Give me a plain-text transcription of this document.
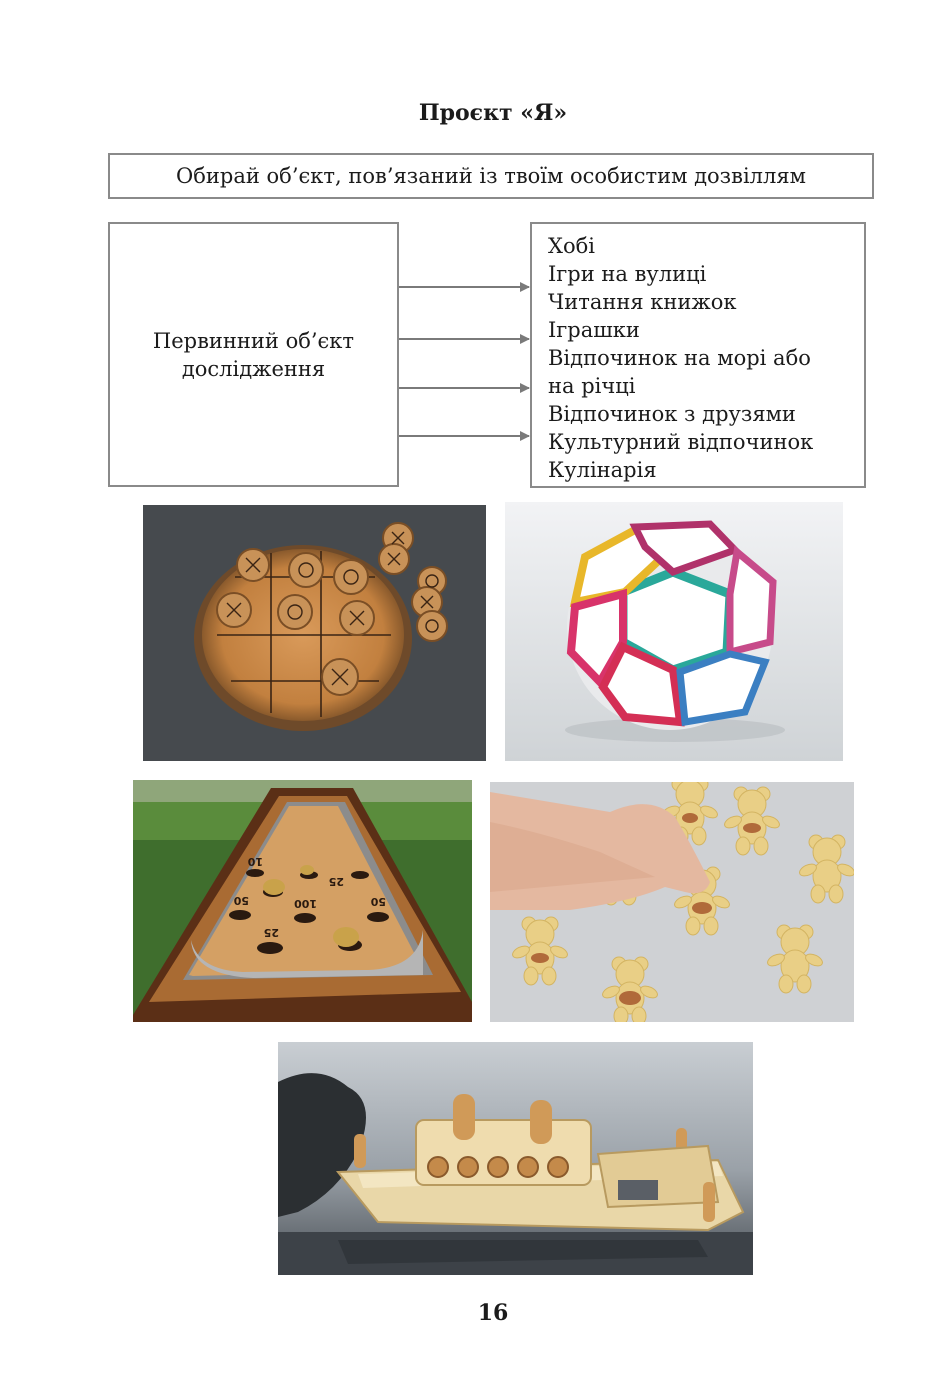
Проєкт «Я»
Обирай об’єкт, пов’язаний із твоїм особистим дозвіллям
Первинний об’єкт
дослідження
Хобі
Ігри на вулиці
Читання книжок
Іграшки
Відпочинок на морі або
на річці
Відпочинок з друзями
Культурний відпочинок
Кулінарія
10
25
50	100	50
25
16
